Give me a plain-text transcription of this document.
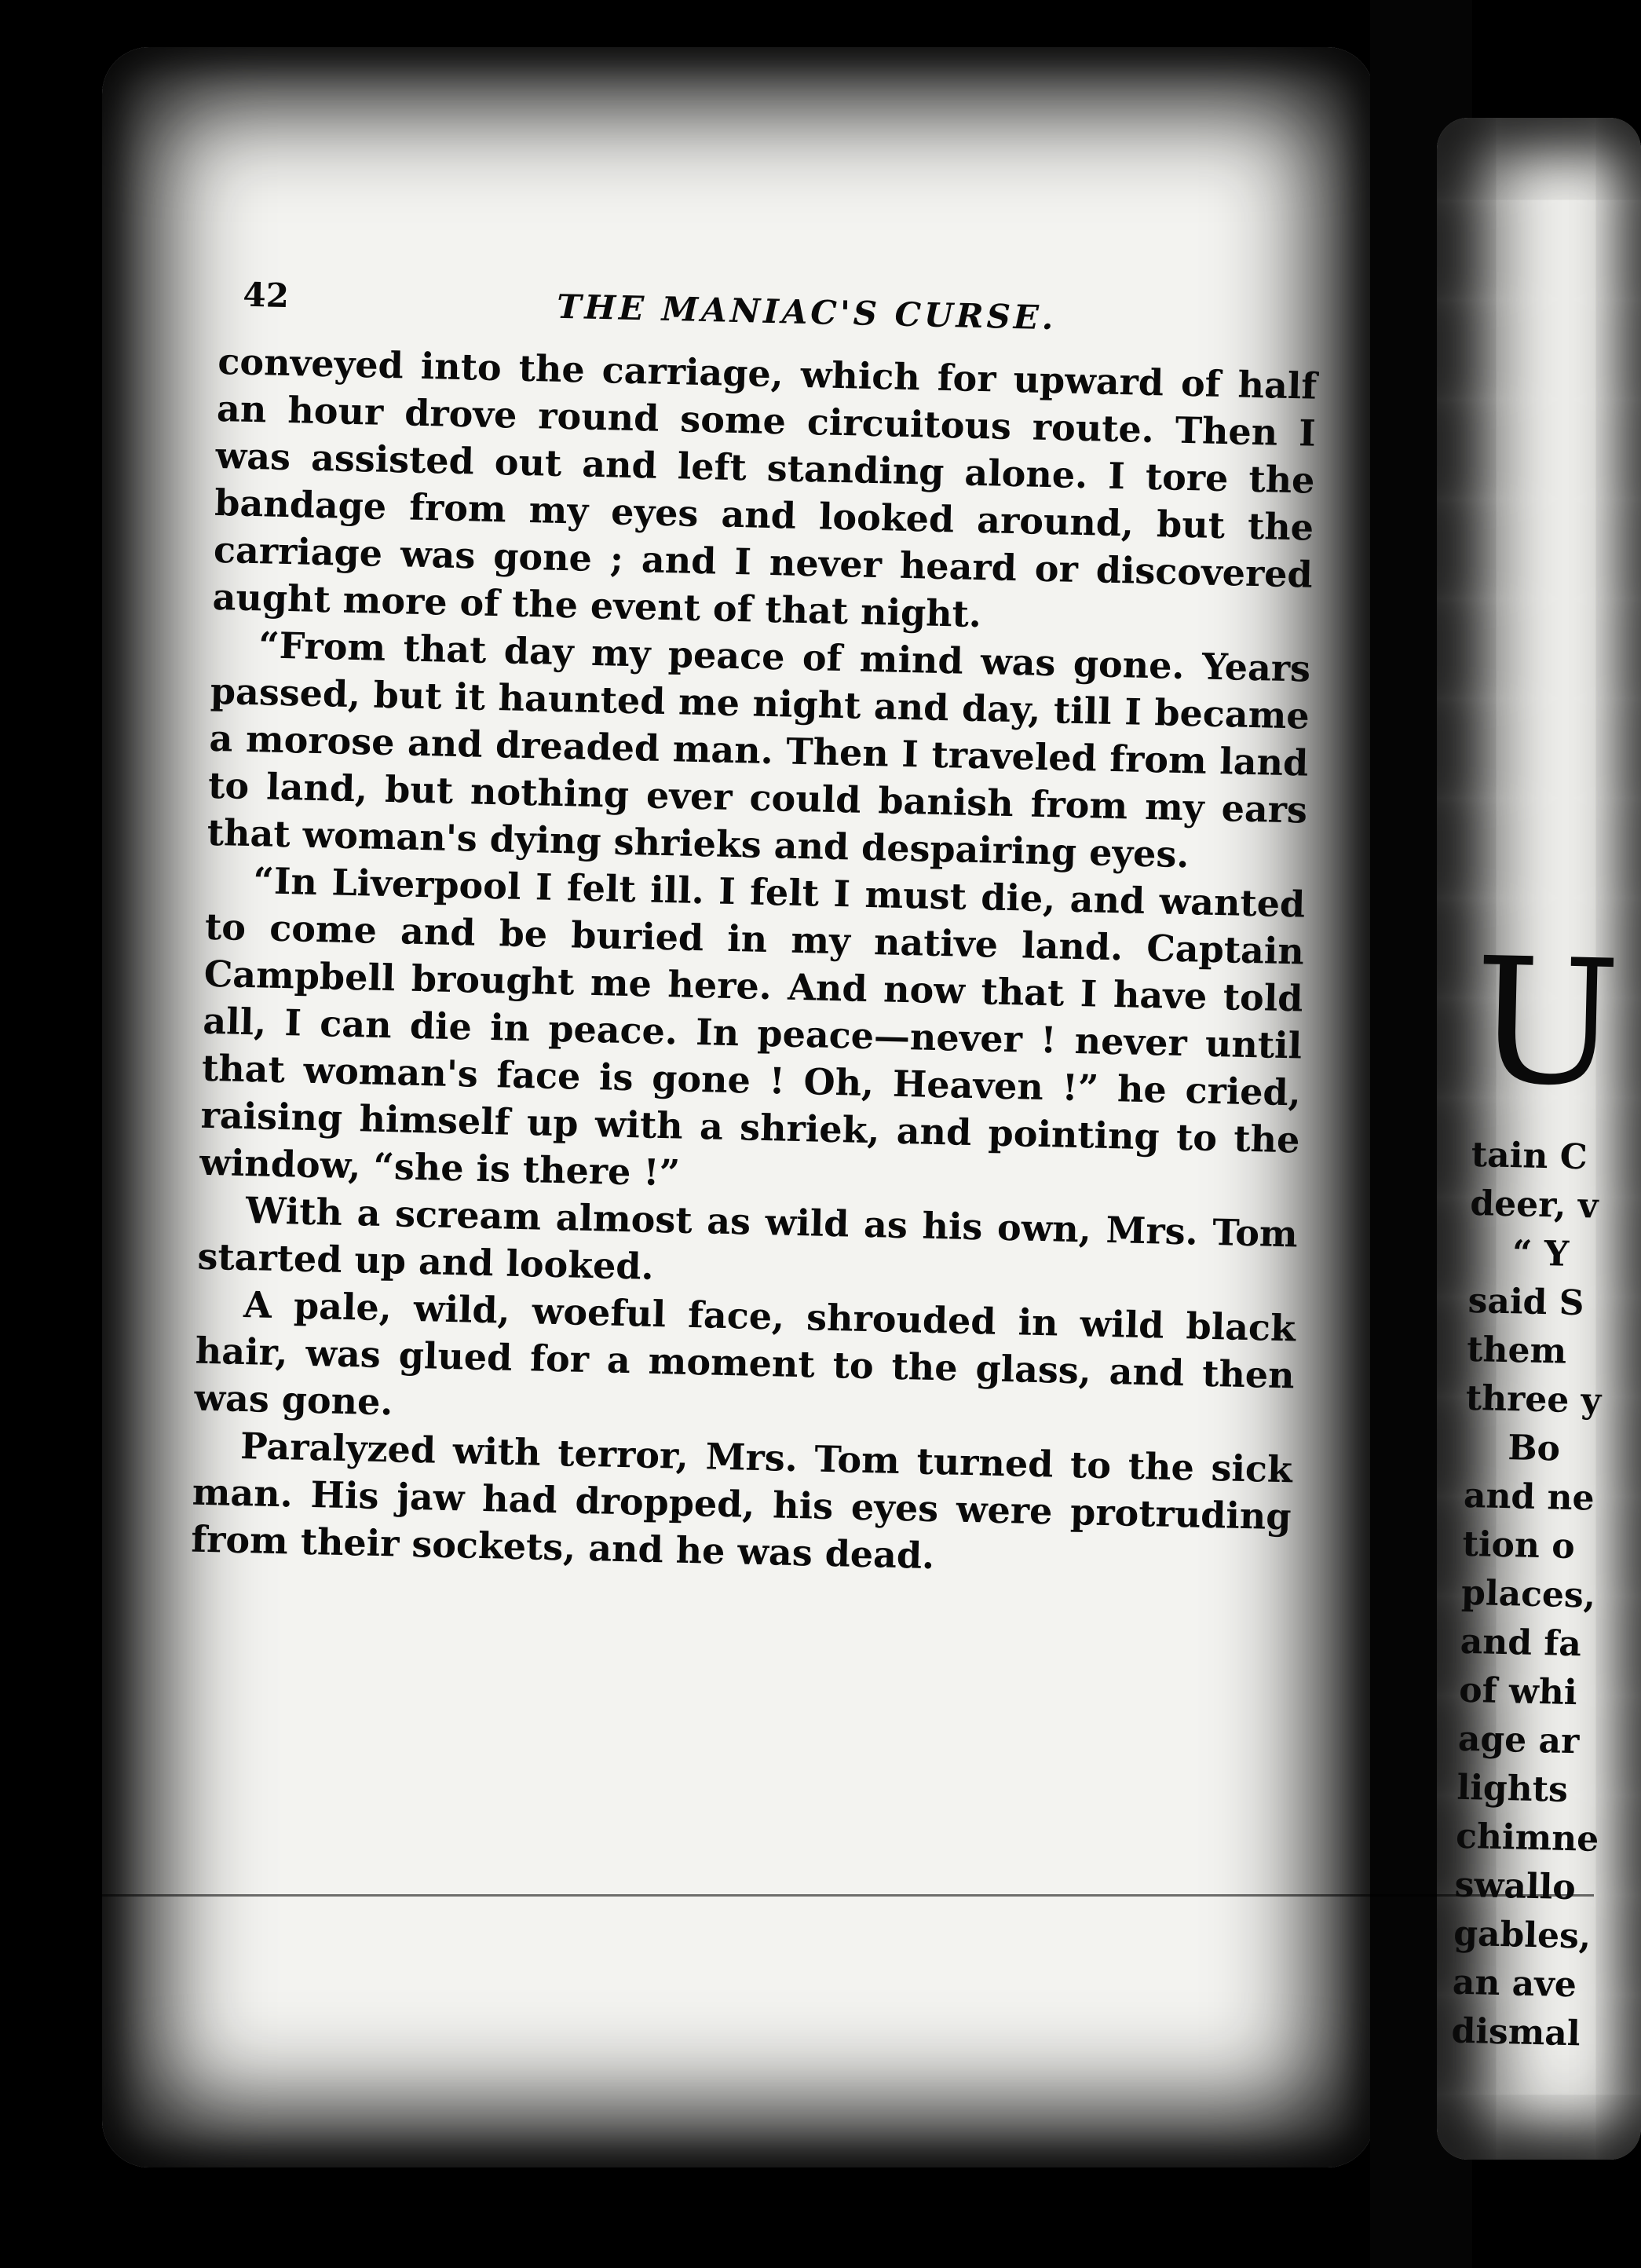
42	THE MANIAC'S CURSE.

conveyed into the carriage, which for upward of half an hour drove round some circuitous route. Then I was assisted out and left standing alone. I tore the bandage from my eyes and looked around, but the carriage was gone ; and I never heard or discovered aught more of the event of that night.

“From that day my peace of mind was gone. Years passed, but it haunted me night and day, till I became a morose and dreaded man. Then I traveled from land to land, but nothing ever could banish from my ears that woman's dying shrieks and despairing eyes.

“In Liverpool I felt ill. I felt I must die, and wanted to come and be buried in my native land. Captain Campbell brought me here. And now that I have told all, I can die in peace. In peace—never ! never until that woman's face is gone ! Oh, Heaven !” he cried, raising himself up with a shriek, and pointing to the window, “she is there !”

With a scream almost as wild as his own, Mrs. Tom started up and looked.

A pale, wild, woeful face, shrouded in wild black hair, was glued for a moment to the glass, and then was gone.

Paralyzed with terror, Mrs. Tom turned to the sick man. His jaw had dropped, his eyes were protruding from their sockets, and he was dead.

U
tain C
deer, v
“ Y
said S
them
three y
Bo
and ne
tion o
places,
and fa
of whi
age ar
lights
chimne
swallo
gables,
an ave
dismal
